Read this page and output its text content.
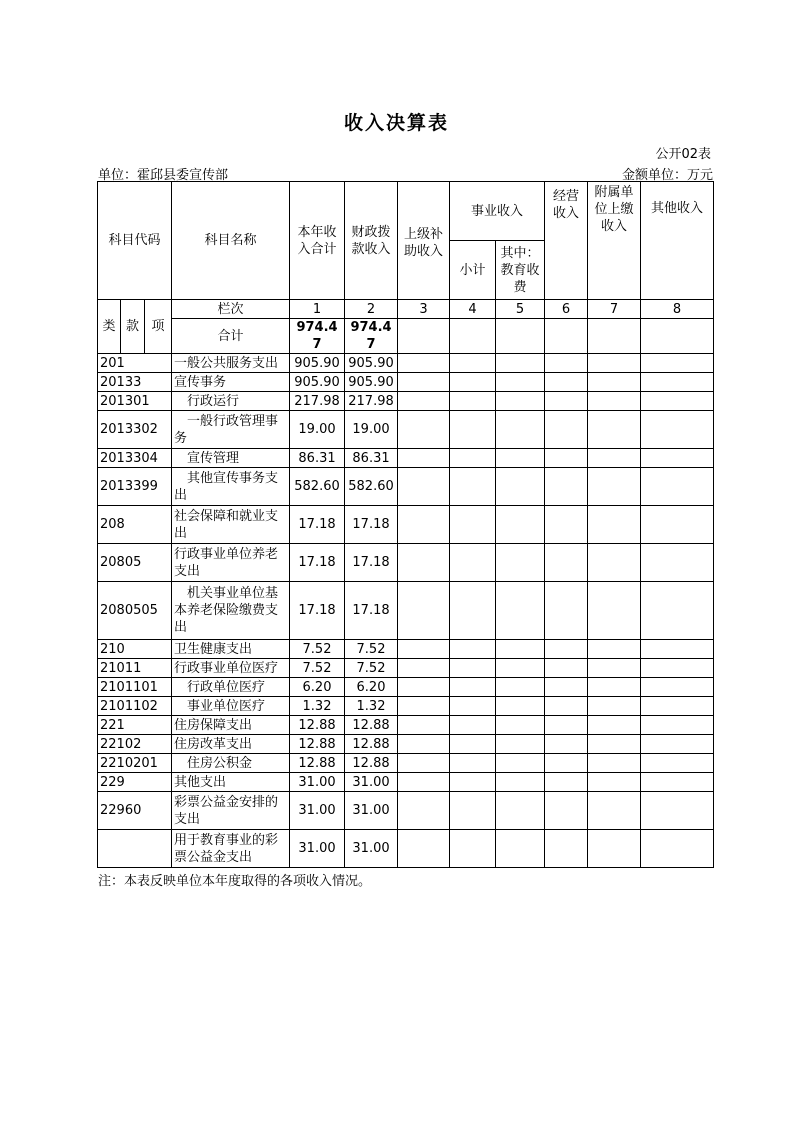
收入决算表
公开02表
单位：霍邱县委宣传部	金额单位：万元
科目代码			科目名称	本年收入合计	财政拨款收入	上级补助收入	事业收入		经营收入	附属单位上缴收入	其他收入
							小计	其中：教育收费			
类	款	项	栏次	1	2	3	4	5	6	7	8
			合计	974.47	974.47						
201			一般公共服务支出	905.90	905.90						
20133			宣传事务	905.90	905.90						
201301			　行政运行	217.98	217.98						
2013302			　一般行政管理事务	19.00	19.00						
2013304			　宣传管理	86.31	86.31						
2013399			　其他宣传事务支出	582.60	582.60						
208			社会保障和就业支出	17.18	17.18						
20805			行政事业单位养老支出	17.18	17.18						
2080505			　机关事业单位基本养老保险缴费支出	17.18	17.18						
210			卫生健康支出	7.52	7.52						
21011			行政事业单位医疗	7.52	7.52						
2101101			　行政单位医疗	6.20	6.20						
2101102			　事业单位医疗	1.32	1.32						
221			住房保障支出	12.88	12.88						
22102			住房改革支出	12.88	12.88						
2210201			　住房公积金	12.88	12.88						
229			其他支出	31.00	31.00						
22960			彩票公益金安排的支出	31.00	31.00						
			用于教育事业的彩票公益金支出	31.00	31.00						
注：本表反映单位本年度取得的各项收入情况。
